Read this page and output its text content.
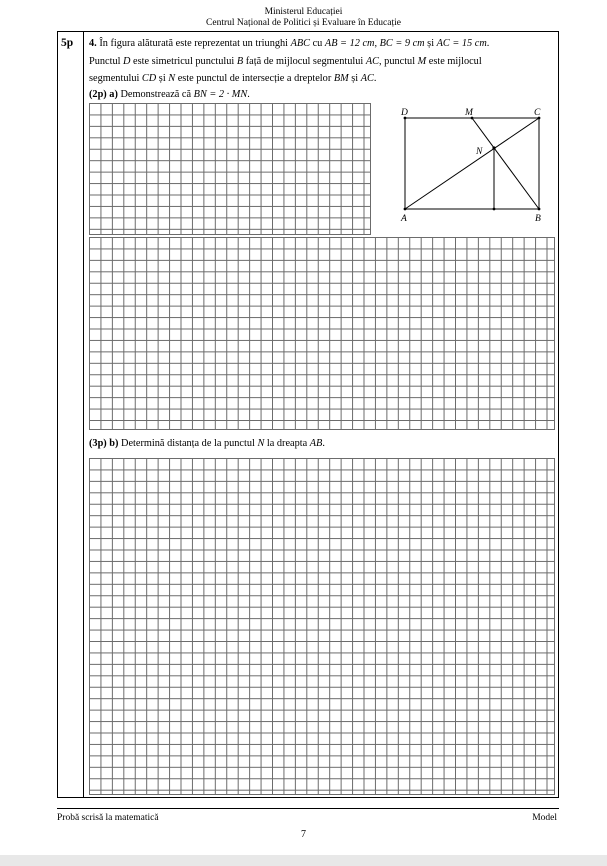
Ministerul Educației
Centrul Național de Politici și Evaluare în Educație
5p 4. În figura alăturată este reprezentat un triunghi ABC cu AB = 12 cm, BC = 9 cm și AC = 15 cm.
Punctul D este simetricul punctului B față de mijlocul segmentului AC, punctul M este mijlocul
segmentului CD și N este punctul de intersecție a dreptelor BM și AC.
(2p) a) Demonstrează că BN = 2 · MN.
D	M	C
N
A	B
(3p) b) Determină distanța de la punctul N la dreapta AB.
Probă scrisă la matematică	Model
7
